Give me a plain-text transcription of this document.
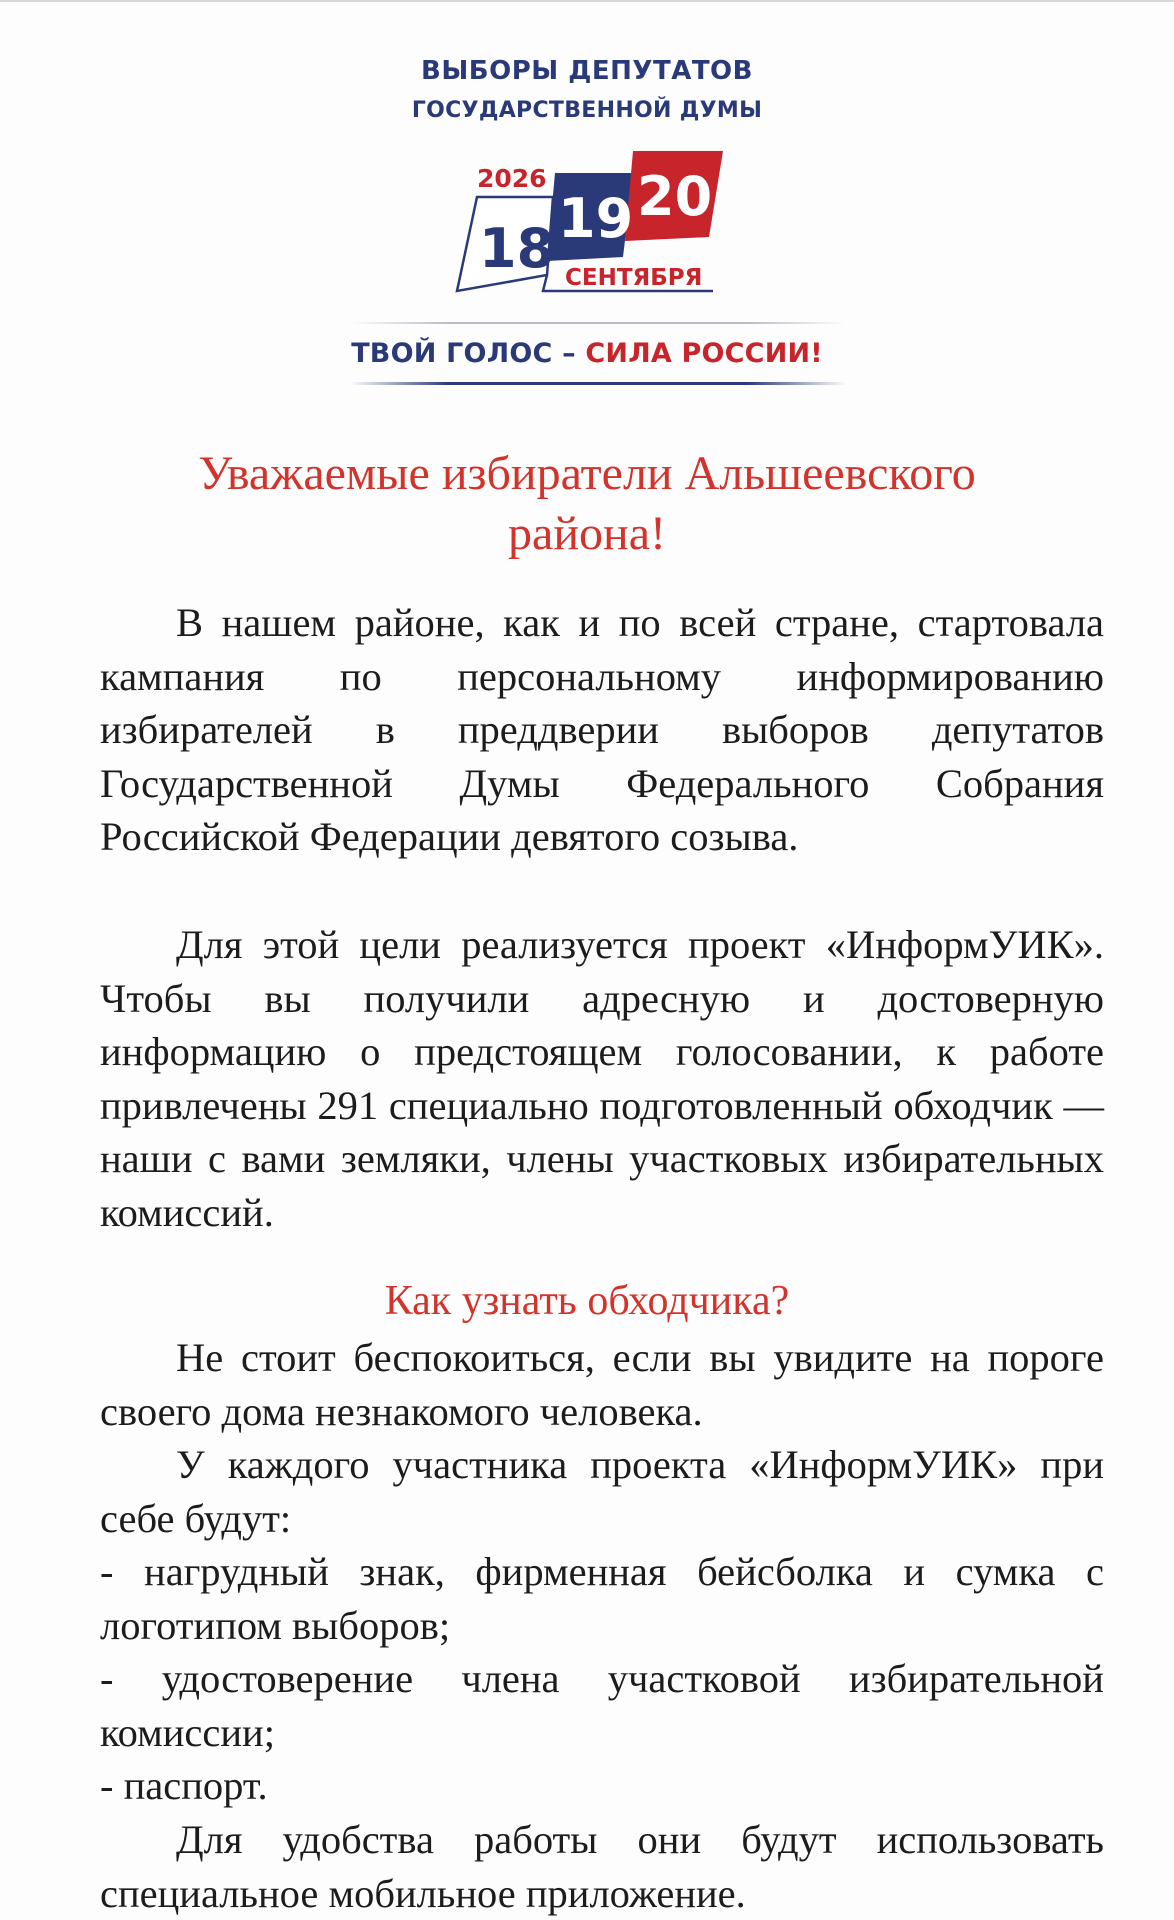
ВЫБОРЫ ДЕПУТАТОВ
ГОСУДАРСТВЕННОЙ ДУМЫ
2026
18 19 20
СЕНТЯБРЯ
ТВОЙ ГОЛОС – СИЛА РОССИИ!
Уважаемые избиратели Альшеевского района!

В нашем районе, как и по всей стране, стартовала кампания по персональному информированию избирателей в преддверии выборов депутатов Государственной Думы Федерального Собрания Российской Федерации девятого созыва.

Для этой цели реализуется проект «ИнформУИК». Чтобы вы получили адресную и достоверную информацию о предстоящем голосовании, к работе привлечены 291 специально подготовленный обходчик — наши с вами земляки, члены участковых избирательных комиссий.

Как узнать обходчика?

Не стоит беспокоиться, если вы увидите на пороге своего дома незнакомого человека.

У каждого участника проекта «ИнформУИК» при себе будут:

- нагрудный знак, фирменная бейсболка и сумка с логотипом выборов;

- удостоверение члена участковой избирательной комиссии;

- паспорт.

Для удобства работы они будут использовать специальное мобильное приложение.
